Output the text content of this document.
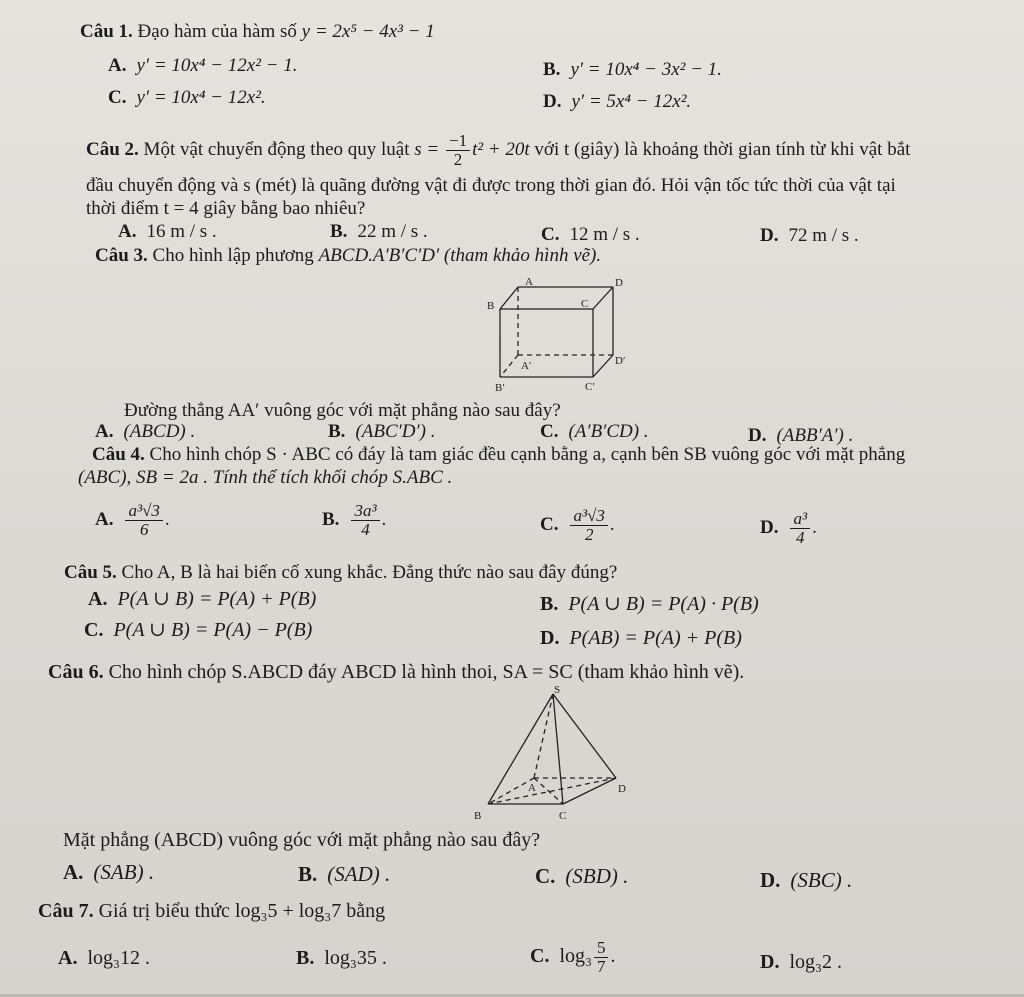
Câu 1. Đạo hàm của hàm số y = 2x⁵ − 4x³ − 1
A. y′ = 10x⁴ − 12x² − 1.	B. y′ = 10x⁴ − 3x² − 1.
C. y′ = 10x⁴ − 12x².	D. y′ = 5x⁴ − 12x².
Câu 2. Một vật chuyển động theo quy luật $s = \frac{-1}{2} t^2 + 20t$ với t (giây) là khoảng thời gian tính từ khi vật bắt
đầu chuyển động và s (mét) là quãng đường vật đi được trong thời gian đó. Hỏi vận tốc tức thời của vật tại
thời điểm t = 4 giây bằng bao nhiêu?
A. 16 m / s .	B. 22 m / s .	C. 12 m / s .	D. 72 m / s .
Câu 3. Cho hình lập phương ABCD.A′B′C′D′ (tham khảo hình vẽ).
A	D
B	C
A′	D′
B′	C′
Đường thẳng AA′ vuông góc với mặt phẳng nào sau đây?
A. (ABCD) .	B. (ABC′D′) .	C. (A′B′CD) .	D. (ABB′A′) .
Câu 4. Cho hình chóp S · ABC có đáy là tam giác đều cạnh bằng a, cạnh bên SB vuông góc với mặt phẳng
(ABC), SB = 2a . Tính thể tích khối chóp S.ABC .
A. $\frac{\text{a³√3}}{6}$ .	B. $\frac{\text{3a³}}{4}$ .	C. $\frac{\text{a³√3}}{2}$ .	D. $\frac{\text{a³}}{4}$ .
Câu 5. Cho A, B là hai biến cố xung khắc. Đẳng thức nào sau đây đúng?
A. P(A ∪ B) = P(A) + P(B)	B. P(A ∪ B) = P(A) · P(B)
C. P(A ∪ B) = P(A) − P(B)	D. P(AB) = P(A) + P(B)
Câu 6. Cho hình chóp S.ABCD đáy ABCD là hình thoi, SA = SC (tham khảo hình vẽ).
S
A	D
B	C
Mặt phẳng (ABCD) vuông góc với mặt phẳng nào sau đây?
A. (SAB) .	B. (SAD) .	C. (SBD) .	D. (SBC) .
Câu 7. Giá trị biểu thức log₃5 + log₃7 bằng
A. log₃12 .	B. log₃35 .	C. $\log_3 \frac{5}{7}$ .	D. log₃2 .
